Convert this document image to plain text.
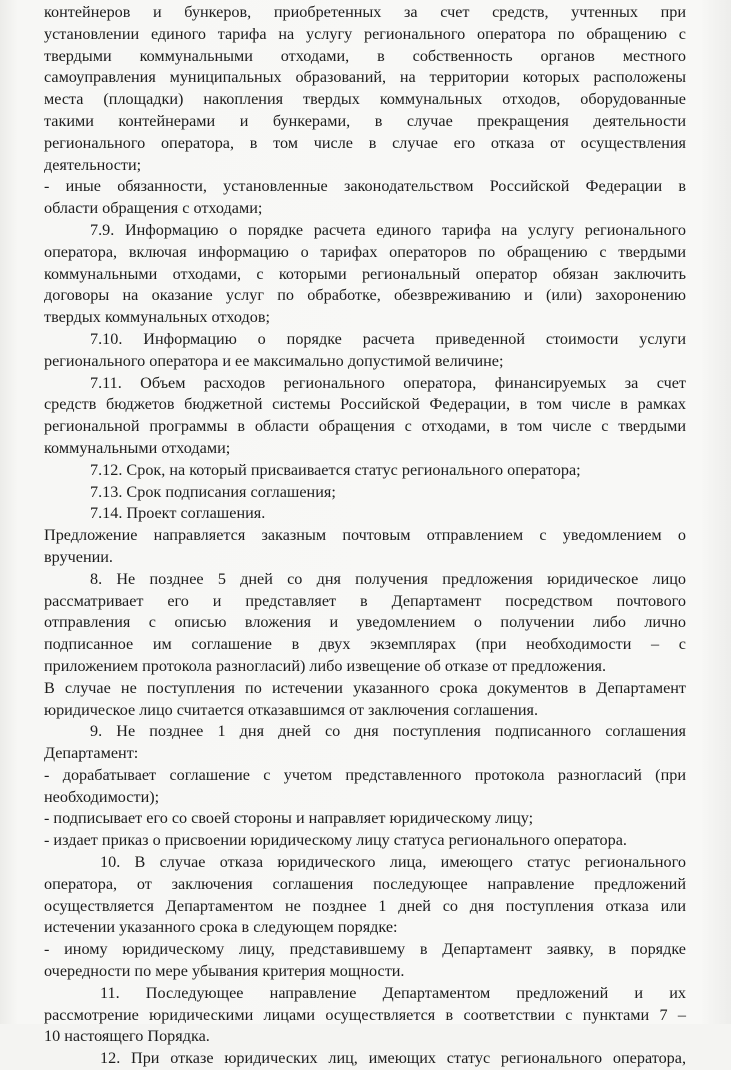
контейнеров и бункеров, приобретенных за счет средств, учтенных при

установлении единого тарифа на услугу регионального оператора по обращению с

твердыми коммунальными отходами, в собственность органов местного

самоуправления муниципальных образований, на территории которых расположены

места (площадки) накопления твердых коммунальных отходов, оборудованные

такими контейнерами и бункерами, в случае прекращения деятельности

регионального оператора, в том числе в случае его отказа от осуществления

деятельности;

- иные обязанности, установленные законодательством Российской Федерации в

области обращения с отходами;

7.9. Информацию о порядке расчета единого тарифа на услугу регионального

оператора, включая информацию о тарифах операторов по обращению с твердыми

коммунальными отходами, с которыми региональный оператор обязан заключить

договоры на оказание услуг по обработке, обезвреживанию и (или) захоронению

твердых коммунальных отходов;

7.10. Информацию о порядке расчета приведенной стоимости услуги

регионального оператора и ее максимально допустимой величине;

7.11. Объем расходов регионального оператора, финансируемых за счет

средств бюджетов бюджетной системы Российской Федерации, в том числе в рамках

региональной программы в области обращения с отходами, в том числе с твердыми

коммунальными отходами;

7.12. Срок, на который присваивается статус регионального оператора;

7.13. Срок подписания соглашения;

7.14. Проект соглашения.

Предложение направляется заказным почтовым отправлением с уведомлением о

вручении.

8. Не позднее 5 дней со дня получения предложения юридическое лицо

рассматривает его и представляет в Департамент посредством почтового

отправления с описью вложения и уведомлением о получении либо лично

подписанное им соглашение в двух экземплярах (при необходимости – с

приложением протокола разногласий) либо извещение об отказе от предложения.

В случае не поступления по истечении указанного срока документов в Департамент

юридическое лицо считается отказавшимся от заключения соглашения.

9. Не позднее 1 дня дней со дня поступления подписанного соглашения

Департамент:

- дорабатывает соглашение с учетом представленного протокола разногласий (при

необходимости);

- подписывает его со своей стороны и направляет юридическому лицу;

- издает приказ о присвоении юридическому лицу статуса регионального оператора.

10. В случае отказа юридического лица, имеющего статус регионального

оператора, от заключения соглашения последующее направление предложений

осуществляется Департаментом не позднее 1 дней со дня поступления отказа или

истечении указанного срока в следующем порядке:

- иному юридическому лицу, представившему в Департамент заявку, в порядке

очередности по мере убывания критерия мощности.

11. Последующее направление Департаментом предложений и их

рассмотрение юридическими лицами осуществляется в соответствии с пунктами 7 –

10 настоящего Порядка.

12. При отказе юридических лиц, имеющих статус регионального оператора,
